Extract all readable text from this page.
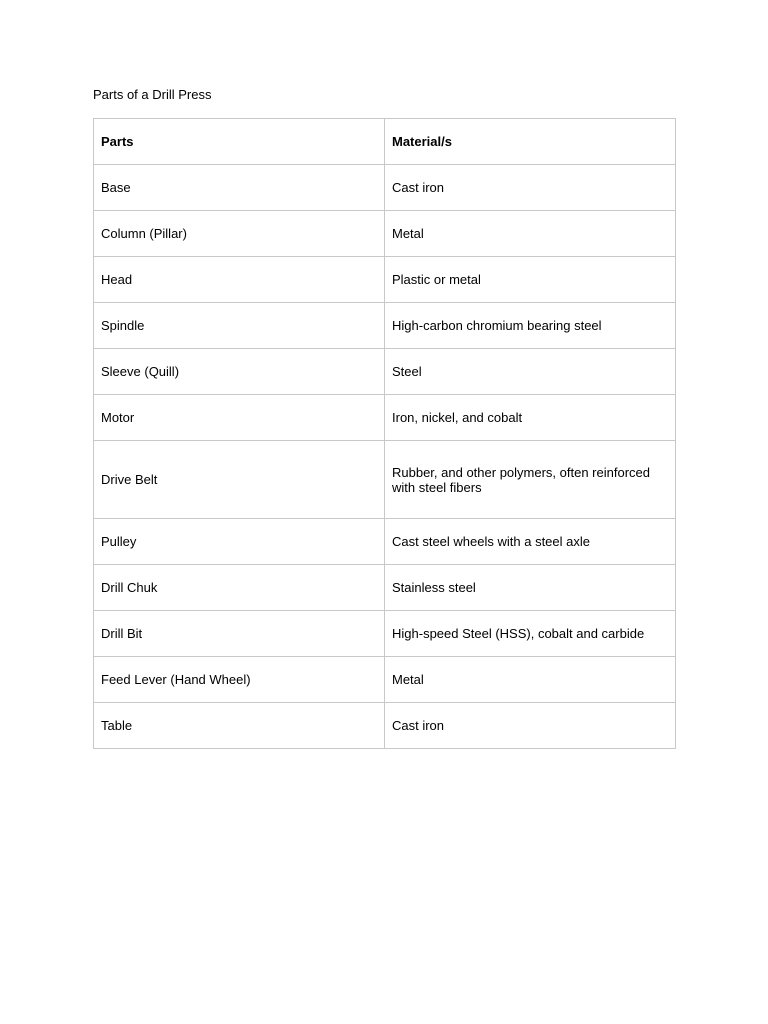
Parts of a Drill Press

Parts	Material/s
Base	Cast iron
Column (Pillar)	Metal
Head	Plastic or metal
Spindle	High-carbon chromium bearing steel
Sleeve (Quill)	Steel
Motor	Iron, nickel, and cobalt
Drive Belt	Rubber, and other polymers, often reinforced with steel fibers
Pulley	Cast steel wheels with a steel axle
Drill Chuk	Stainless steel
Drill Bit	High-speed Steel (HSS), cobalt and carbide
Feed Lever (Hand Wheel)	Metal
Table	Cast iron
